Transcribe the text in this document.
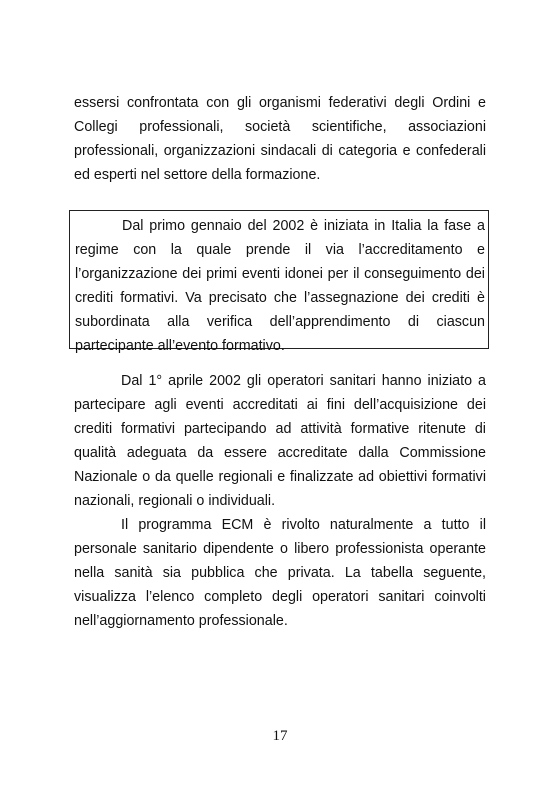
essersi confrontata con gli organismi federativi degli Ordini e Collegi professionali, società scientifiche, associazioni professionali, organizzazioni sindacali di categoria e confederali ed esperti nel settore della formazione.

Dal primo gennaio del 2002 è iniziata in Italia la fase a regime con la quale prende il via l’accreditamento e l’organizzazione dei primi eventi idonei per il conseguimento dei crediti formativi. Va precisato che l’assegnazione dei crediti è subordinata alla verifica dell’apprendimento di ciascun partecipante all’evento formativo.

Dal 1° aprile 2002 gli operatori sanitari hanno iniziato a partecipare agli eventi accreditati ai fini dell’acquisizione dei crediti formativi partecipando ad attività formative ritenute di qualità adeguata da essere accreditate dalla Commissione Nazionale o da quelle regionali e finalizzate ad obiettivi formativi nazionali, regionali o individuali.

Il programma ECM è rivolto naturalmente a tutto il personale sanitario dipendente o libero professionista operante nella sanità sia pubblica che privata. La tabella seguente, visualizza l’elenco completo degli operatori sanitari coinvolti nell’aggiornamento professionale.

17
